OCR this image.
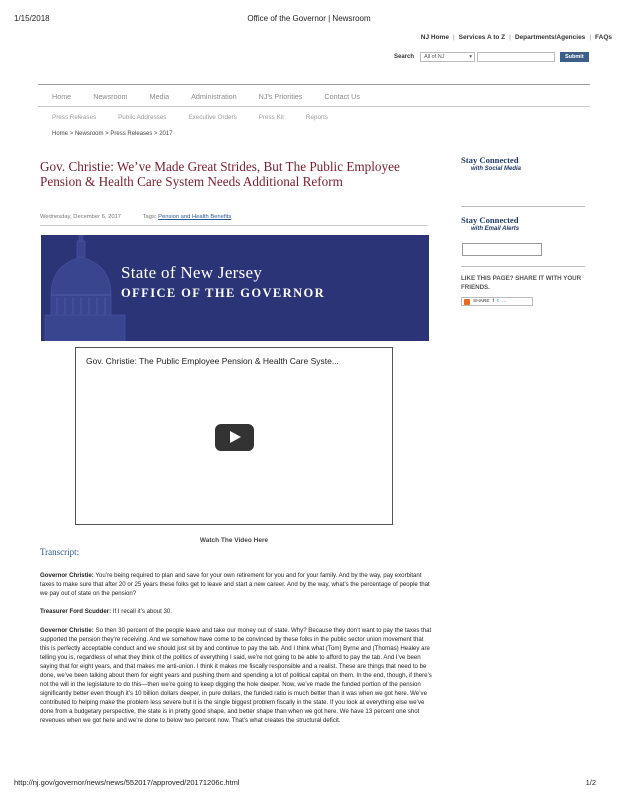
1/15/2018	Office of the Governor | Newsroom
NJ Home | Services A to Z | Departments/Agencies | FAQs
Search All of NJ	▾	Submit
Home	Newsroom	Media	Administration	NJ's Priorities	Contact Us
Press Releases	Public Addresses	Executive Orders	Press Kit	Reports
Home > Newsroom > Press Releases > 2017
Gov. Christie: We’ve Made Great Strides, But The Public Employee Pension & Health Care System Needs Additional Reform
Wednesday, December 6, 2017	Tags: Pension and Health Benefits
State of New Jersey
OFFICE OF THE GOVERNOR
Gov. Christie: The Public Employee Pension & Health Care Syste...
Watch The Video Here
Transcript:
Governor Christie: You’re being required to plan and save for your own retirement for you and for your family. And by the way, pay exorbitant taxes to make sure that after 20 or 25 years these folks get to leave and start a new career. And by the way, what’s the percentage of people that we pay out of state on the pension?
Treasurer Ford Scudder: If I recall it’s about 30.
Governor Christie: So then 30 percent of the people leave and take our money out of state. Why? Because they don’t want to pay the taxes that supported the pension they’re receiving. And we somehow have come to be convinced by these folks in the public sector union movement that this is perfectly acceptable conduct and we should just sit by and continue to pay the tab. And I think what (Tom) Byrne and (Thomas) Healey are telling you is, regardless of what they think of the politics of everything I said, we’re not going to be able to afford to pay the tab. And I’ve been saying that for eight years, and that makes me anti-union. I think it makes me fiscally responsible and a realist. These are things that need to be done, we’ve been talking about them for eight years and pushing them and spending a lot of political capital on them. In the end, though, if there’s not the will in the legislature to do this—then we’re going to keep digging the hole deeper. Now, we’ve made the funded portion of the pension significantly better even though it’s 10 billion dollars deeper, in pure dollars, the funded ratio is much better than it was when we got here. We’ve contributed to helping make the problem less severe but it is the single biggest problem fiscally in the state. If you look at everything else we’ve done from a budgetary perspective, the state is in pretty good shape, and better shape than when we got here. We have 13 percent one shot revenues when we got here and we’re done to below two percent now. That’s what creates the structural deficit.
Stay Connected
with Social Media
Stay Connected
with Email Alerts
LIKE THIS PAGE? SHARE IT WITH YOUR FRIENDS.
SHARE f t …
http://nj.gov/governor/news/news/552017/approved/20171206c.html	1/2
